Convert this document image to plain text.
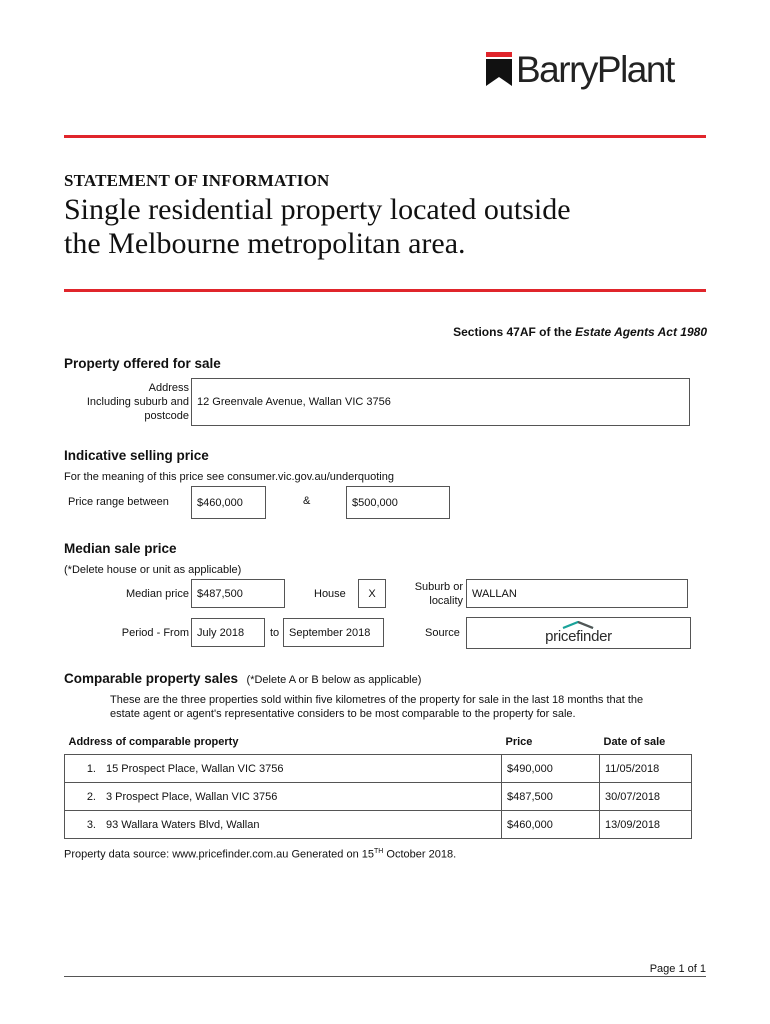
BarryPlant
STATEMENT OF INFORMATION
Single residential property located outside
the Melbourne metropolitan area.
Sections 47AF of the Estate Agents Act 1980
Property offered for sale
Address
Including suburb and
postcode
12 Greenvale Avenue, Wallan VIC 3756
Indicative selling price
For the meaning of this price see consumer.vic.gov.au/underquoting
Price range between	$460,000	&	$500,000
Median sale price
(*Delete house or unit as applicable)
Median price $487,500	House	X
Suburb or
locality
WALLAN
Period - From July 2018	to September 2018	Source	pricefinder
Comparable property sales (*Delete A or B below as applicable)
These are the three properties sold within five kilometres of the property for sale in the last 18 months that the
estate agent or agent's representative considers to be most comparable to the property for sale.
Address of comparable property		Price	Date of sale
1.	15 Prospect Place, Wallan VIC 3756	$490,000	11/05/2018
2.	3 Prospect Place, Wallan VIC 3756	$487,500	30/07/2018
3.	93 Wallara Waters Blvd, Wallan	$460,000	13/09/2018
Property data source: www.pricefinder.com.au Generated on 15TH October 2018.
Page 1 of 1
